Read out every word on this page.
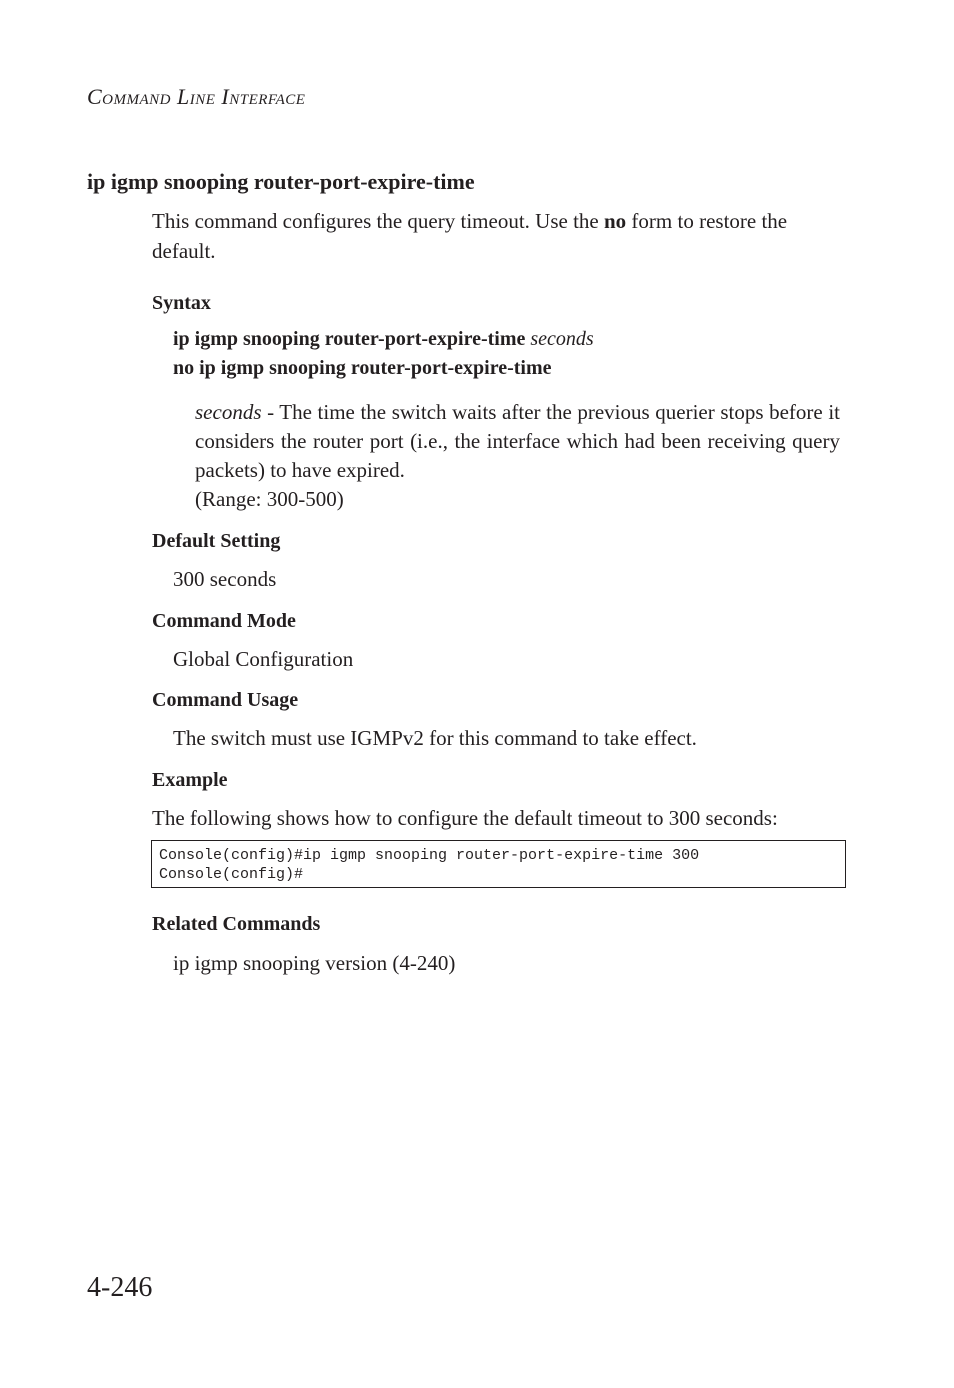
Command Line Interface
ip igmp snooping router-port-expire-time
This command configures the query timeout. Use the no form to restore the default.
Syntax
ip igmp snooping router-port-expire-time seconds
no ip igmp snooping router-port-expire-time
seconds - The time the switch waits after the previous querier stops before it considers the router port (i.e., the interface which had been receiving query packets) to have expired.
(Range: 300-500)
Default Setting
300 seconds
Command Mode
Global Configuration
Command Usage
The switch must use IGMPv2 for this command to take effect.
Example
The following shows how to configure the default timeout to 300 seconds:
Console(config)#ip igmp snooping router-port-expire-time 300
Console(config)#
Related Commands
ip igmp snooping version (4-240)
4-246
